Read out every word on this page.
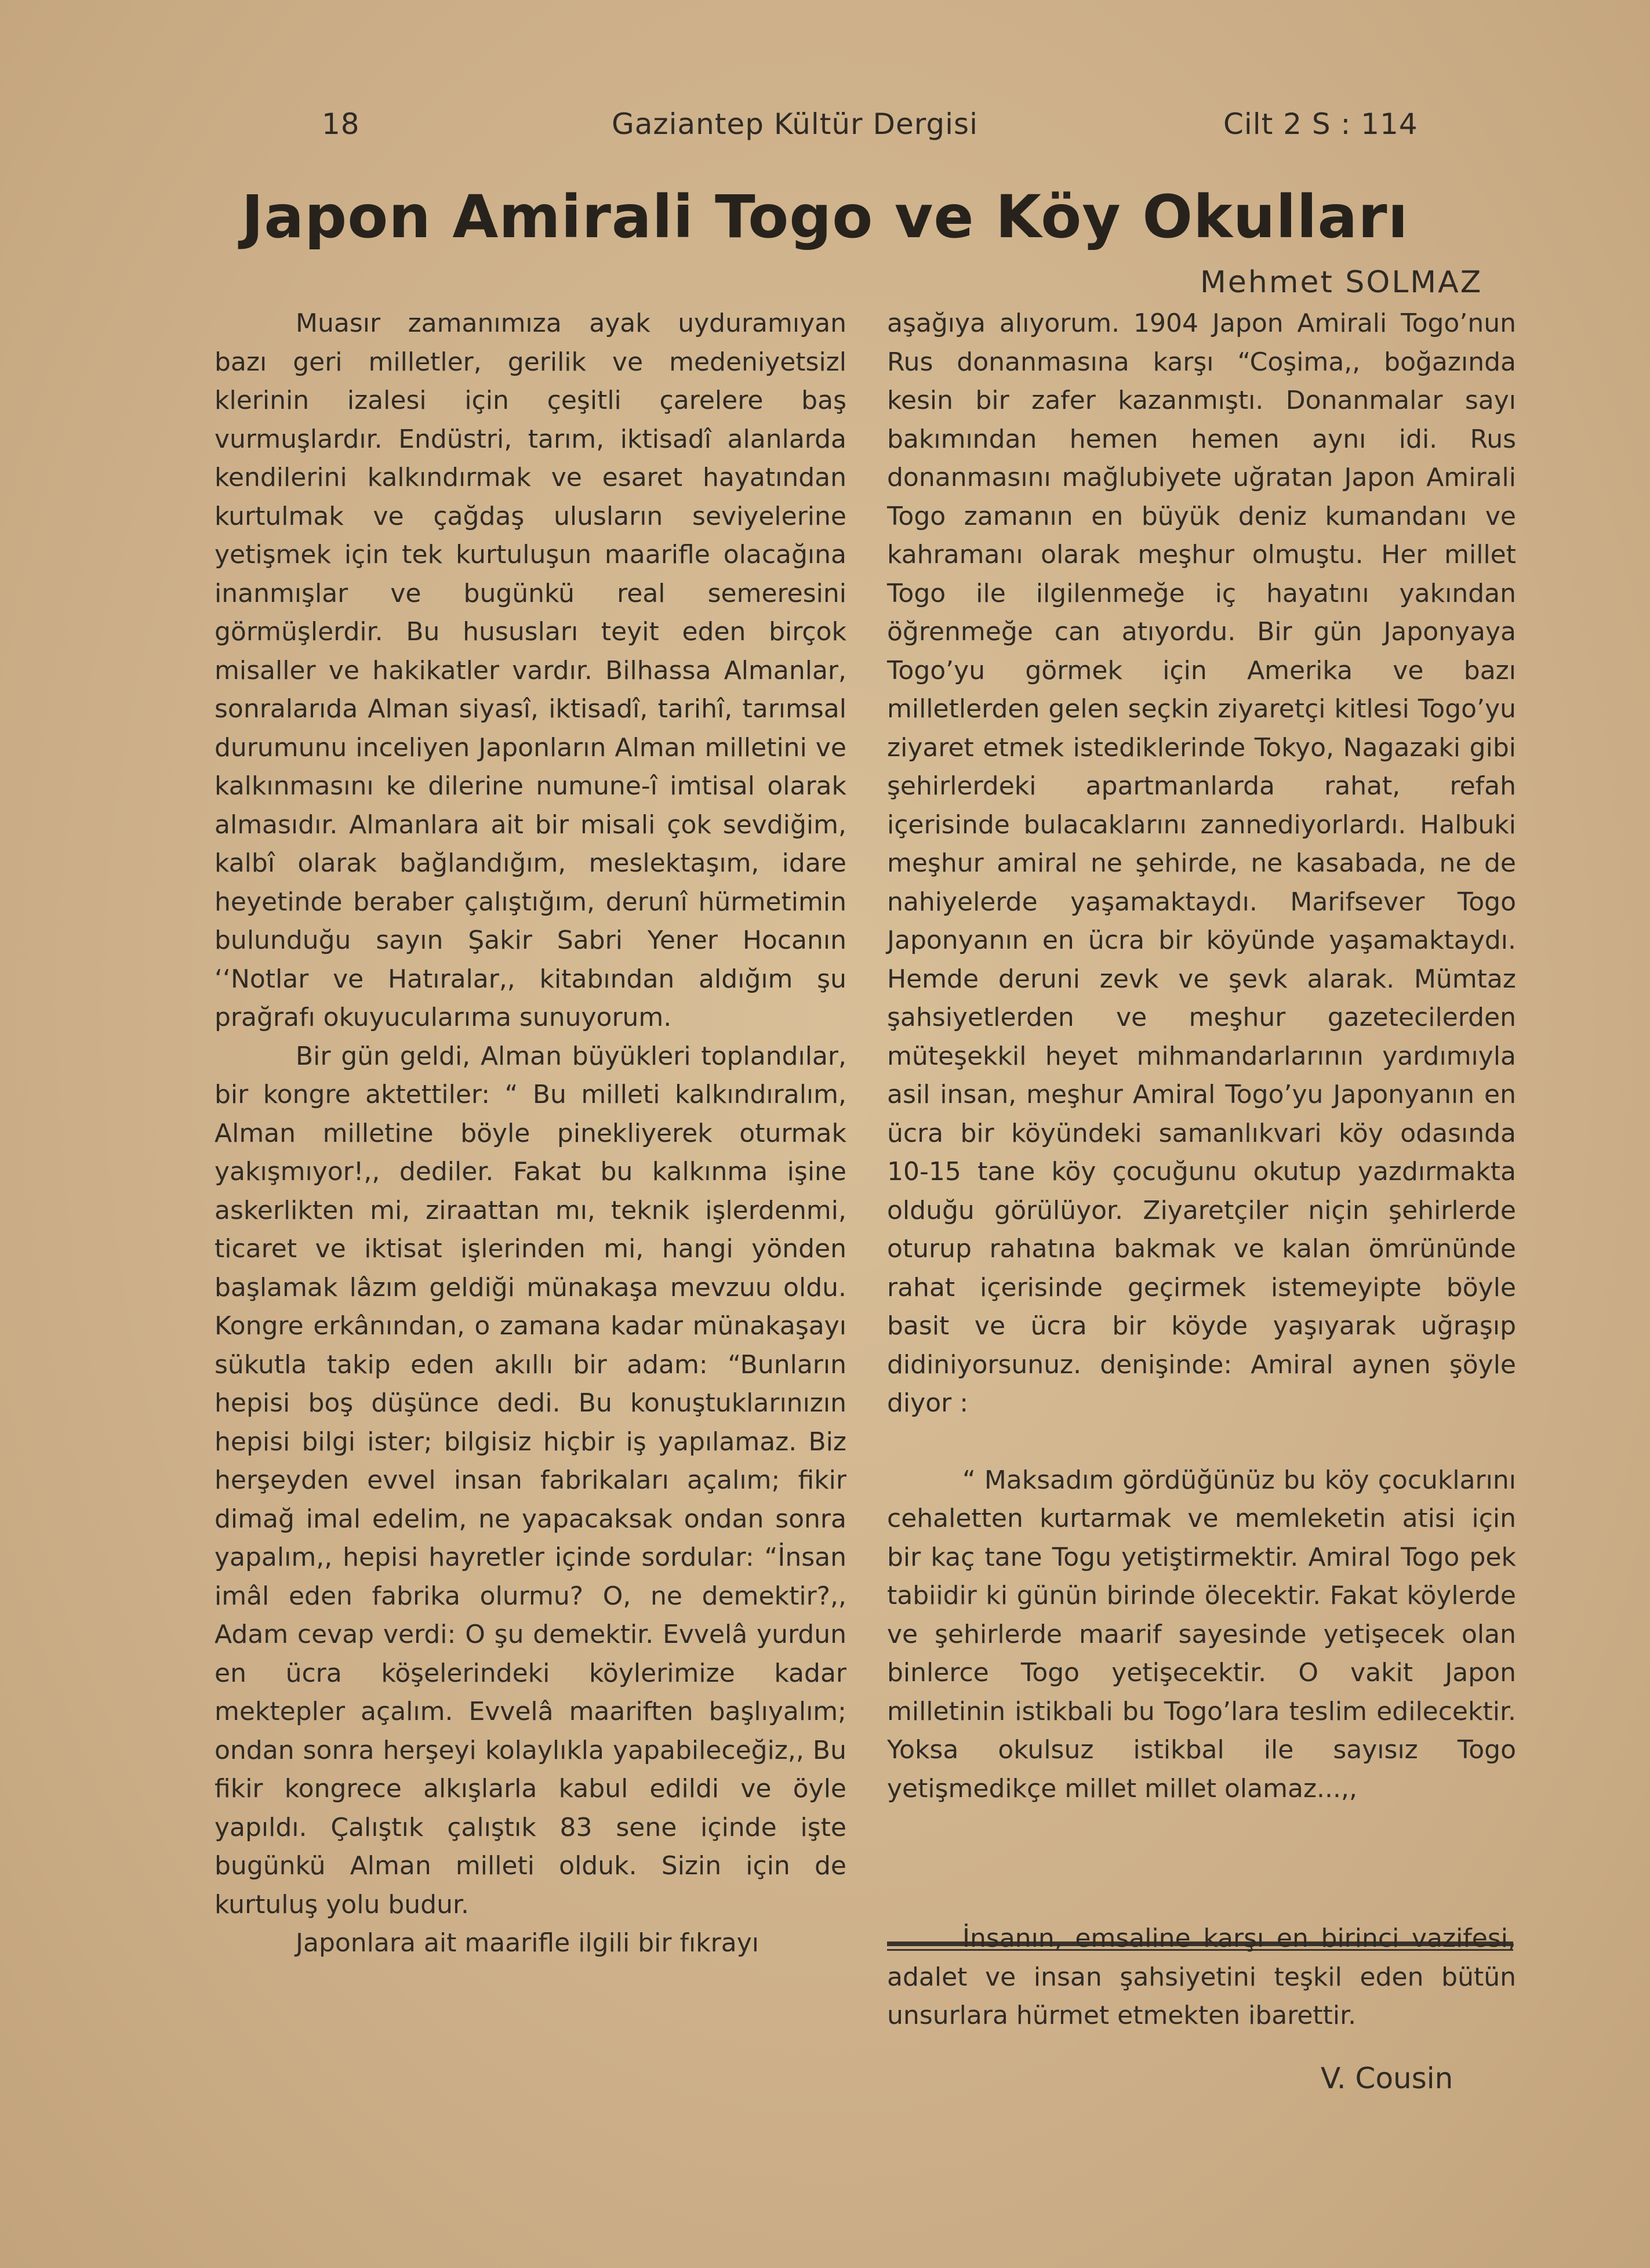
18	Gaziantep Kültür Dergisi	Cilt 2 S : 114
Japon Amirali Togo ve Köy Okulları
Mehmet SOLMAZ

Muasır zamanımıza ayak uyduramıyan bazı geri milletler, gerilik ve medeniyetsizl klerinin izalesi için çeşitli çarelere baş vurmuşlardır. Endüstri, tarım, iktisadî alanlarda kendilerini kalkındırmak ve esaret hayatından kurtulmak ve çağdaş ulusların seviyelerine yetişmek için tek kurtuluşun maarifle olacağına inanmışlar ve bugünkü real semeresini görmüşlerdir. Bu hususları teyit eden birçok misaller ve hakikatler vardır. Bilhassa Almanlar, sonralarıda Alman siyasî, iktisadî, tarihî, tarımsal durumunu inceliyen Japonların Alman milletini ve kalkınmasını ke dilerine numune-î imtisal olarak almasıdır. Almanlara ait bir misali çok sevdiğim, kalbî olarak bağlandığım, meslektaşım, idare heyetinde beraber çalıştığım, derunî hürmetimin bulunduğu sayın Şakir Sabri Yener Hocanın ‘‘Notlar ve Hatıralar,, kitabından aldığım şu prağrafı okuyucularıma sunuyorum.

Bir gün geldi, Alman büyükleri toplandılar, bir kongre aktettiler: “ Bu milleti kalkındıralım, Alman milletine böyle pinekliyerek oturmak yakışmıyor!,, dediler. Fakat bu kalkınma işine askerlikten mi, ziraattan mı, teknik işlerdenmi, ticaret ve iktisat işlerinden mi, hangi yönden başlamak lâzım geldiği münakaşa mevzuu oldu. Kongre erkânından, o zamana kadar münakaşayı sükutla takip eden akıllı bir adam: “Bunların hepisi boş düşünce dedi. Bu konuştuklarınızın hepisi bilgi ister; bilgisiz hiçbir iş yapılamaz. Biz herşeyden evvel insan fabrikaları açalım; fikir dimağ imal edelim, ne yapacaksak ondan sonra yapalım,, hepisi hayretler içinde sordular: “İnsan imâl eden fabrika olurmu? O, ne demektir?,, Adam cevap verdi: O şu demektir. Evvelâ yurdun en ücra köşelerindeki köylerimize kadar mektepler açalım. Evvelâ maariften başlıyalım; ondan sonra herşeyi kolaylıkla yapabileceğiz,, Bu fikir kongrece alkışlarla kabul edildi ve öyle yapıldı. Çalıştık çalıştık 83 sene içinde işte bugünkü Alman milleti olduk. Sizin için de kurtuluş yolu budur.

Japonlara ait maarifle ilgili bir fıkrayı

aşağıya alıyorum. 1904 Japon Amirali Togo’nun Rus donanmasına karşı “Coşima,, boğazında kesin bir zafer kazanmıştı. Donanmalar sayı bakımından hemen hemen aynı idi. Rus donanmasını mağlubiyete uğratan Japon Amirali Togo zamanın en büyük deniz kumandanı ve kahramanı olarak meşhur olmuştu. Her millet Togo ile ilgilenmeğe iç hayatını yakından öğrenmeğe can atıyordu. Bir gün Japonyaya Togo’yu görmek için Amerika ve bazı milletlerden gelen seçkin ziyaretçi kitlesi Togo’yu ziyaret etmek istediklerinde Tokyo, Nagazaki gibi şehirlerdeki apartmanlarda rahat, refah içerisinde bulacaklarını zannediyorlardı. Halbuki meşhur amiral ne şehirde, ne kasabada, ne de nahiyelerde yaşamaktaydı. Marifsever Togo Japonyanın en ücra bir köyünde yaşamaktaydı. Hemde deruni zevk ve şevk alarak. Mümtaz şahsiyetlerden ve meşhur gazetecilerden müteşekkil heyet mihmandarlarının yardımıyla asil insan, meşhur Amiral Togo’yu Japonyanın en ücra bir köyündeki samanlıkvari köy odasında 10-15 tane köy çocuğunu okutup yazdırmakta olduğu görülüyor. Ziyaretçiler niçin şehirlerde oturup rahatına bakmak ve kalan ömrününde rahat içerisinde geçirmek istemeyipte böyle basit ve ücra bir köyde yaşıyarak uğraşıp didiniyorsunuz. denişinde: Amiral aynen şöyle diyor :

“ Maksadım gördüğünüz bu köy çocuklarını cehaletten kurtarmak ve memleketin atisi için bir kaç tane Togu yetiştirmektir. Amiral Togo pek tabiidir ki günün birinde ölecektir. Fakat köylerde ve şehirlerde maarif sayesinde yetişecek olan binlerce Togo yetişecektir. O vakit Japon milletinin istikbali bu Togo’lara teslim edilecektir. Yoksa okulsuz istikbal ile sayısız Togo yetişmedikçe millet millet olamaz...,,

İnsanın, emsaline karşı en birinci vazifesi, adalet ve insan şahsiyetini teşkil eden bütün unsurlara hürmet etmekten ibarettir.

V. Cousin
